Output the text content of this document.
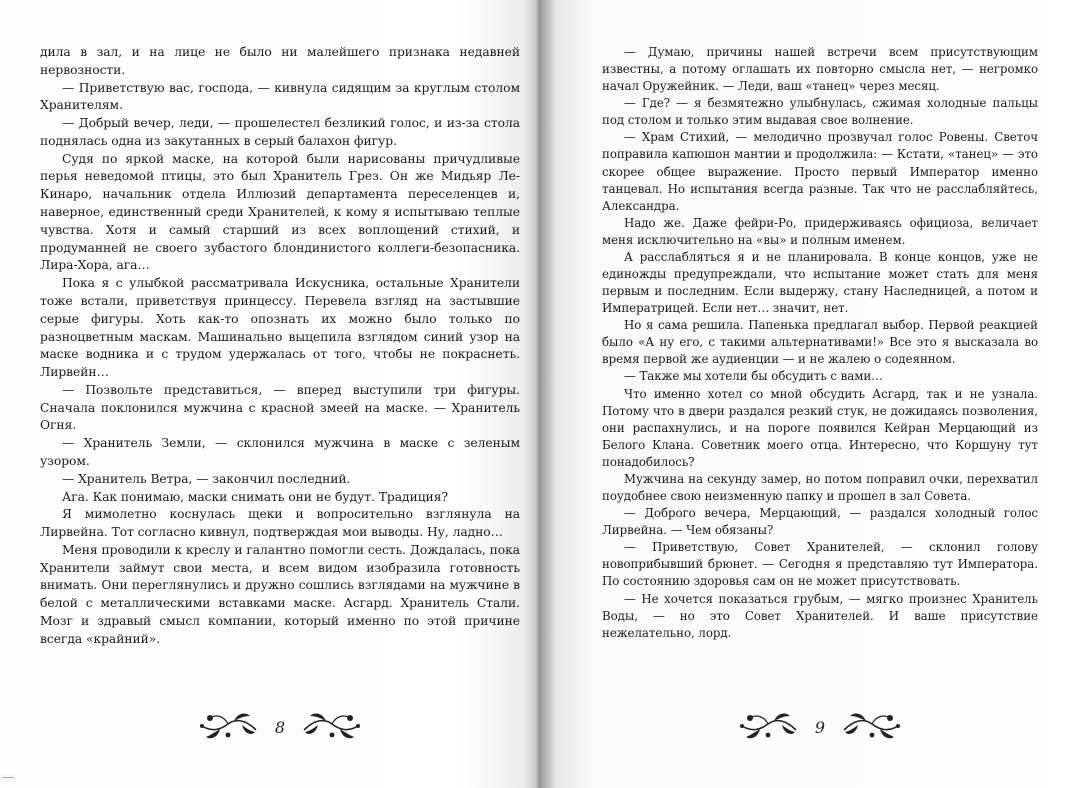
дила в зал, и на лице не было ни малейшего признака недавней нервозности.

— Приветствую вас, господа, — кивнула сидящим за круглым столом Хранителям.

— Добрый вечер, леди, — прошелестел безликий голос, и из-за стола поднялась одна из закутанных в серый балахон фигур.

Судя по яркой маске, на которой были нарисованы причудливые перья неведомой птицы, это был Хранитель Грез. Он же Мидьяр Ле-Кинаро, начальник отдела Иллюзий департамента переселенцев и, наверное, единственный среди Хранителей, к кому я испытываю теплые чувства. Хотя и самый старший из всех воплощений стихий, и продуманней не своего зубастого блондинистого коллеги-безопасника. Лира-Хора, ага…

Пока я с улыбкой рассматривала Искусника, остальные Хранители тоже встали, приветствуя принцессу. Перевела взгляд на застывшие серые фигуры. Хоть как-то опознать их можно было только по разноцветным маскам. Машинально выцепила взглядом синий узор на маске водника и с трудом удержалась от того, чтобы не покраснеть. Лирвейн…

— Позвольте представиться, — вперед выступили три фигуры. Сначала поклонился мужчина с красной змеей на маске. — Хранитель Огня.

— Хранитель Земли, — склонился мужчина в маске с зеленым узором.

— Хранитель Ветра, — закончил последний.

Ага. Как понимаю, маски снимать они не будут. Традиция?

Я мимолетно коснулась щеки и вопросительно взглянула на Лирвейна. Тот согласно кивнул, подтверждая мои выводы. Ну, ладно…

Меня проводили к креслу и галантно помогли сесть. Дождалась, пока Хранители займут свои места, и всем видом изобразила готовность внимать. Они переглянулись и дружно сошлись взглядами на мужчине в белой с металлическими вставками маске. Асгард. Хранитель Стали. Мозг и здравый смысл компании, который именно по этой причине всегда «крайний».

8

— Думаю, причины нашей встречи всем присутствующим известны, а потому оглашать их повторно смысла нет, — негромко начал Оружейник. — Леди, ваш «танец» через месяц.

— Где? — я безмятежно улыбнулась, сжимая холодные пальцы под столом и только этим выдавая свое волнение.

— Храм Стихий, — мелодично прозвучал голос Ровены. Светоч поправила капюшон мантии и продолжила: — Кстати, «танец» — это скорее общее выражение. Просто первый Император именно танцевал. Но испытания всегда разные. Так что не расслабляйтесь, Александра.

Надо же. Даже фейри-Ро, придерживаясь официоза, величает меня исключительно на «вы» и полным именем.

А расслабляться я и не планировала. В конце концов, уже не единожды предупреждали, что испытание может стать для меня первым и последним. Если выдержу, стану Наследницей, а потом и Императрицей. Если нет… значит, нет.

Но я сама решила. Папенька предлагал выбор. Первой реакцией было «А ну его, с такими альтернативами!» Все это я высказала во время первой же аудиенции — и не жалею о содеянном.

— Также мы хотели бы обсудить с вами…

Что именно хотел со мной обсудить Асгард, так и не узнала. Потому что в двери раздался резкий стук, не дожидаясь позволения, они распахнулись, и на пороге появился Кейран Мерцающий из Белого Клана. Советник моего отца. Интересно, что Коршуну тут понадобилось?

Мужчина на секунду замер, но потом поправил очки, перехватил поудобнее свою неизменную папку и прошел в зал Совета.

— Доброго вечера, Мерцающий, — раздался холодный голос Лирвейна. — Чем обязаны?

— Приветствую, Совет Хранителей, — склонил голову новоприбывший брюнет. — Сегодня я представляю тут Императора. По состоянию здоровья сам он не может присутствовать.

— Не хочется показаться грубым, — мягко произнес Хранитель Воды, — но это Совет Хранителей. И ваше присутствие нежелательно, лорд.

9
